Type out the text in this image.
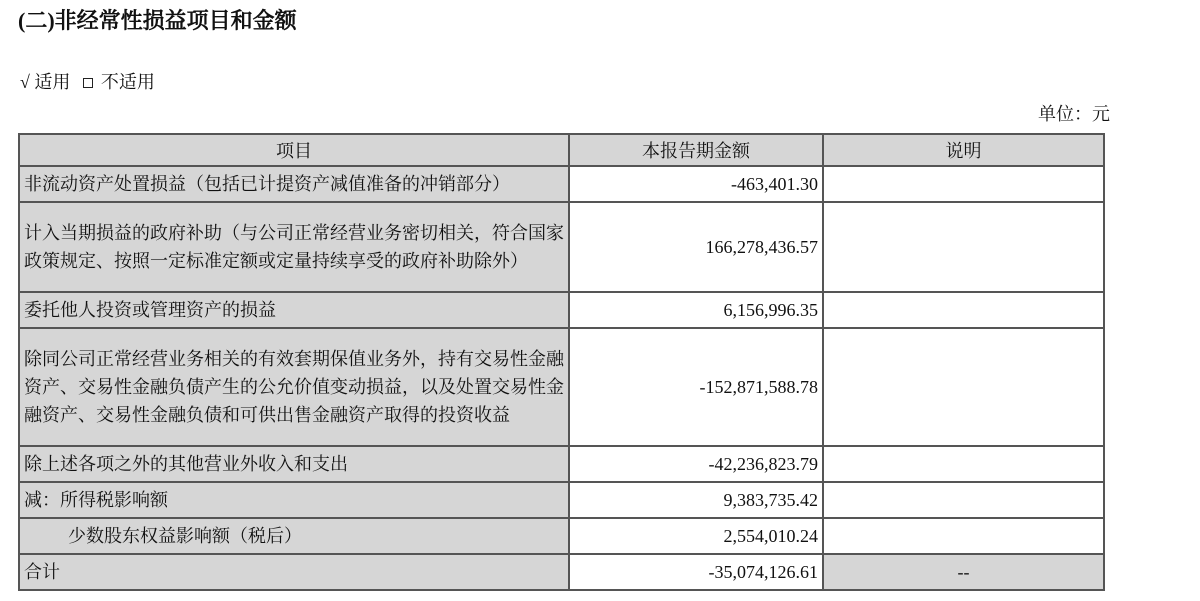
(二)非经常性损益项目和金额
√ 适用 不适用
单位：元
项目	本报告期金额	说明
非流动资产处置损益（包括已计提资产减值准备的冲销部分）	-463,401.30	
计入当期损益的政府补助（与公司正常经营业务密切相关，符合国家政策规定、按照一定标准定额或定量持续享受的政府补助除外）	166,278,436.57	
委托他人投资或管理资产的损益	6,156,996.35	
除同公司正常经营业务相关的有效套期保值业务外，持有交易性金融资产、交易性金融负债产生的公允价值变动损益，以及处置交易性金融资产、交易性金融负债和可供出售金融资产取得的投资收益	-152,871,588.78	
除上述各项之外的其他营业外收入和支出	-42,236,823.79	
减：所得税影响额	9,383,735.42	
少数股东权益影响额（税后）	2,554,010.24	
合计	-35,074,126.61	--
